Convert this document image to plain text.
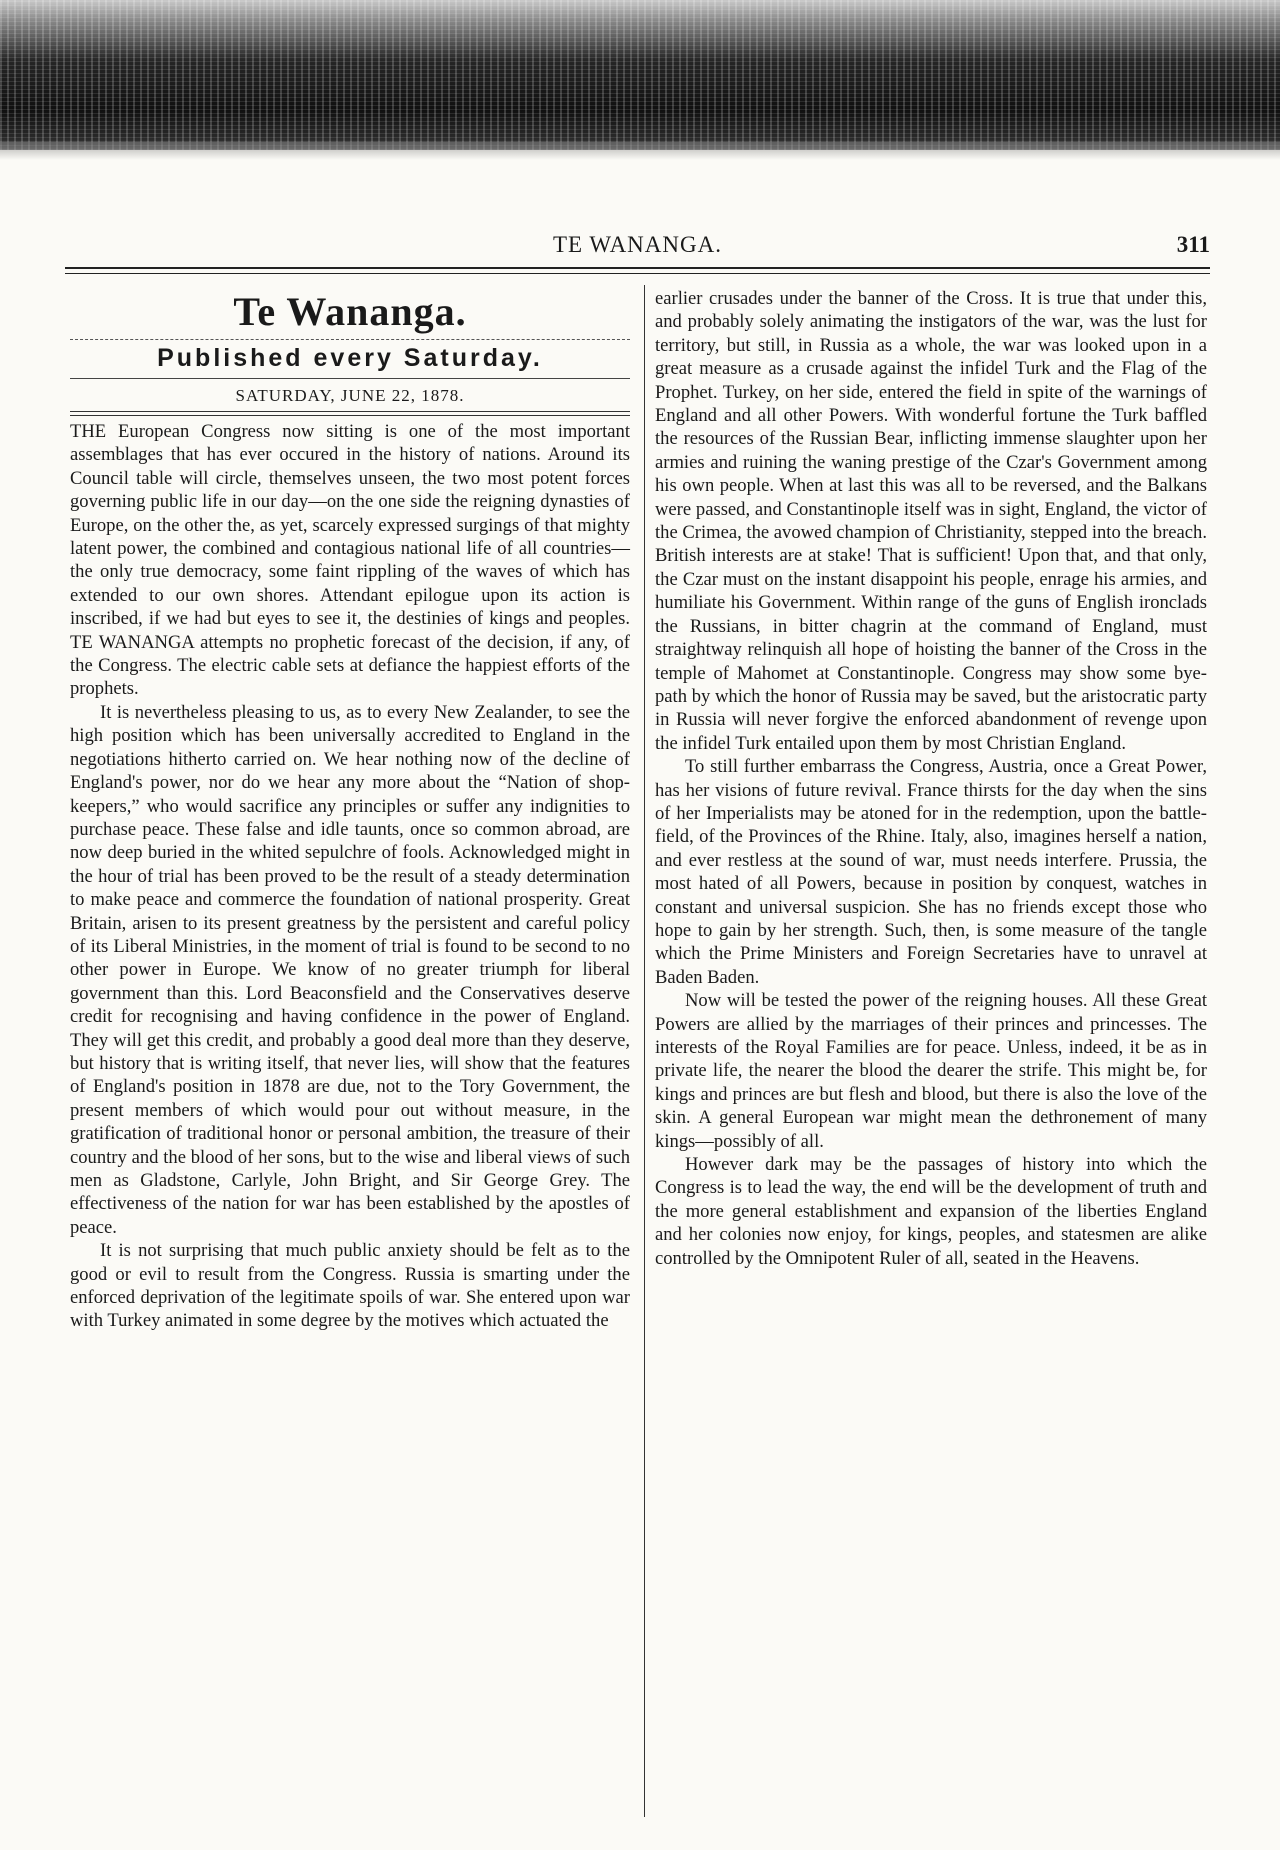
TE WANANGA.	311
Te Wananga.
Published every Saturday.
SATURDAY, JUNE 22, 1878.

THE European Congress now sitting is one of the most important assemblages that has ever occured in the history of nations. Around its Council table will circle, themselves unseen, the two most potent forces governing public life in our day—on the one side the reigning dynasties of Europe, on the other the, as yet, scarcely expressed surgings of that mighty latent power, the combined and contagious national life of all countries—the only true democracy, some faint rippling of the waves of which has extended to our own shores. Attendant epilogue upon its action is inscribed, if we had but eyes to see it, the destinies of kings and peoples. TE WANANGA attempts no prophetic forecast of the decision, if any, of the Congress. The electric cable sets at defiance the happiest efforts of the prophets.

It is nevertheless pleasing to us, as to every New Zealander, to see the high position which has been universally accredited to England in the negotiations hitherto carried on. We hear nothing now of the decline of England's power, nor do we hear any more about the “Nation of shop-keepers,” who would sacrifice any principles or suffer any indignities to purchase peace. These false and idle taunts, once so common abroad, are now deep buried in the whited sepulchre of fools. Acknowledged might in the hour of trial has been proved to be the result of a steady determination to make peace and commerce the foundation of national prosperity. Great Britain, arisen to its present greatness by the persistent and careful policy of its Liberal Ministries, in the moment of trial is found to be second to no other power in Europe. We know of no greater triumph for liberal government than this. Lord Beaconsfield and the Conservatives deserve credit for recognising and having confidence in the power of England. They will get this credit, and probably a good deal more than they deserve, but history that is writing itself, that never lies, will show that the features of England's position in 1878 are due, not to the Tory Government, the present members of which would pour out without measure, in the gratification of traditional honor or personal ambition, the treasure of their country and the blood of her sons, but to the wise and liberal views of such men as Gladstone, Carlyle, John Bright, and Sir George Grey. The effectiveness of the nation for war has been established by the apostles of peace.

It is not surprising that much public anxiety should be felt as to the good or evil to result from the Congress. Russia is smarting under the enforced deprivation of the legitimate spoils of war. She entered upon war with Turkey animated in some degree by the motives which actuated the

earlier crusades under the banner of the Cross. It is true that under this, and probably solely animating the instigators of the war, was the lust for territory, but still, in Russia as a whole, the war was looked upon in a great measure as a crusade against the infidel Turk and the Flag of the Prophet. Turkey, on her side, entered the field in spite of the warnings of England and all other Powers. With wonderful fortune the Turk baffled the resources of the Russian Bear, inflicting immense slaughter upon her armies and ruining the waning prestige of the Czar's Government among his own people. When at last this was all to be reversed, and the Balkans were passed, and Constantinople itself was in sight, England, the victor of the Crimea, the avowed champion of Christianity, stepped into the breach. British interests are at stake! That is sufficient! Upon that, and that only, the Czar must on the instant disappoint his people, enrage his armies, and humiliate his Government. Within range of the guns of English ironclads the Russians, in bitter chagrin at the command of England, must straightway relinquish all hope of hoisting the banner of the Cross in the temple of Mahomet at Constantinople. Congress may show some bye-path by which the honor of Russia may be saved, but the aristocratic party in Russia will never forgive the enforced abandonment of revenge upon the infidel Turk entailed upon them by most Christian England.

To still further embarrass the Congress, Austria, once a Great Power, has her visions of future revival. France thirsts for the day when the sins of her Imperialists may be atoned for in the redemption, upon the battle-field, of the Provinces of the Rhine. Italy, also, imagines herself a nation, and ever restless at the sound of war, must needs interfere. Prussia, the most hated of all Powers, because in position by conquest, watches in constant and universal suspicion. She has no friends except those who hope to gain by her strength. Such, then, is some measure of the tangle which the Prime Ministers and Foreign Secretaries have to unravel at Baden Baden.

Now will be tested the power of the reigning houses. All these Great Powers are allied by the marriages of their princes and princesses. The interests of the Royal Families are for peace. Unless, indeed, it be as in private life, the nearer the blood the dearer the strife. This might be, for kings and princes are but flesh and blood, but there is also the love of the skin. A general European war might mean the dethronement of many kings—possibly of all.

However dark may be the passages of history into which the Congress is to lead the way, the end will be the development of truth and the more general establishment and expansion of the liberties England and her colonies now enjoy, for kings, peoples, and statesmen are alike controlled by the Omnipotent Ruler of all, seated in the Heavens.
